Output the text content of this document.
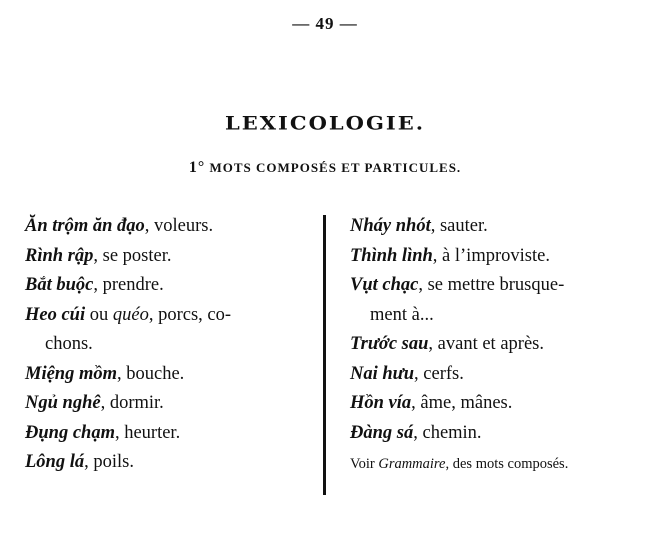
— 49 —
LEXICOLOGIE.
1° MOTS COMPOSÉS ET PARTICULES.

Ăn trộm ăn đạo, voleurs.

Rình rập, se poster.

Bắt buộc, prendre.

Heo cúi ou quéo, porcs, co-
chons.

Miệng mồm, bouche.

Ngủ nghê, dormir.

Đụng chạm, heurter.

Lông lá, poils.

Nháy nhót, sauter.

Thình lình, à l’improviste.

Vụt chạc, se mettre brusque-
ment à...

Trước sau, avant et après.

Nai hưu, cerfs.

Hồn vía, âme, mânes.

Đàng sá, chemin.

Voir Grammaire, des mots composés.
